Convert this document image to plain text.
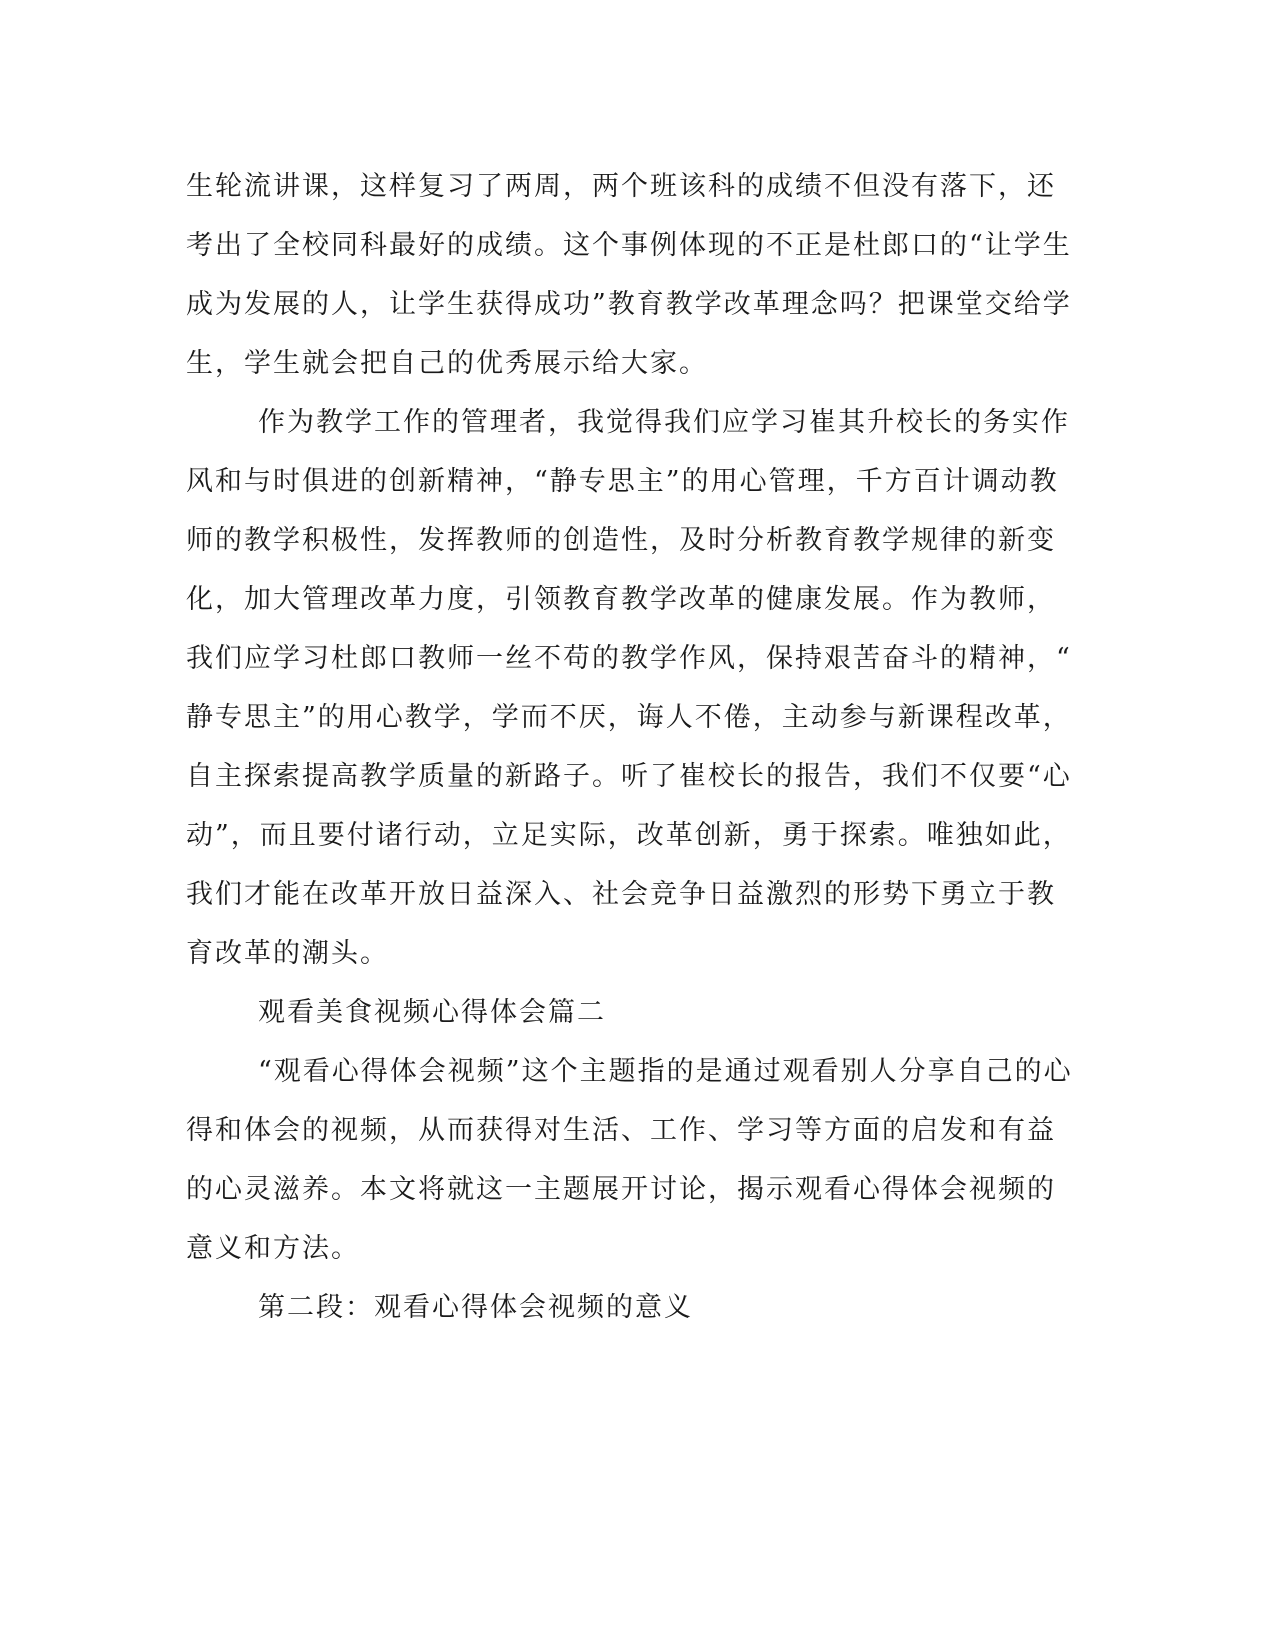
生轮流讲课，这样复习了两周，两个班该科的成绩不但没有落下，还
考出了全校同科最好的成绩。这个事例体现的不正是杜郎口的“让学生
成为发展的人，让学生获得成功”教育教学改革理念吗？把课堂交给学
生，学生就会把自己的优秀展示给大家。
作为教学工作的管理者，我觉得我们应学习崔其升校长的务实作
风和与时俱进的创新精神，“静专思主”的用心管理，千方百计调动教
师的教学积极性，发挥教师的创造性，及时分析教育教学规律的新变
化，加大管理改革力度，引领教育教学改革的健康发展。作为教师，
我们应学习杜郎口教师一丝不苟的教学作风，保持艰苦奋斗的精神，“
静专思主”的用心教学，学而不厌，诲人不倦，主动参与新课程改革，
自主探索提高教学质量的新路子。听了崔校长的报告，我们不仅要“心
动”，而且要付诸行动，立足实际，改革创新，勇于探索。唯独如此，
我们才能在改革开放日益深入、社会竞争日益激烈的形势下勇立于教
育改革的潮头。
观看美食视频心得体会篇二
“观看心得体会视频”这个主题指的是通过观看别人分享自己的心
得和体会的视频，从而获得对生活、工作、学习等方面的启发和有益
的心灵滋养。本文将就这一主题展开讨论，揭示观看心得体会视频的
意义和方法。
第二段：观看心得体会视频的意义
